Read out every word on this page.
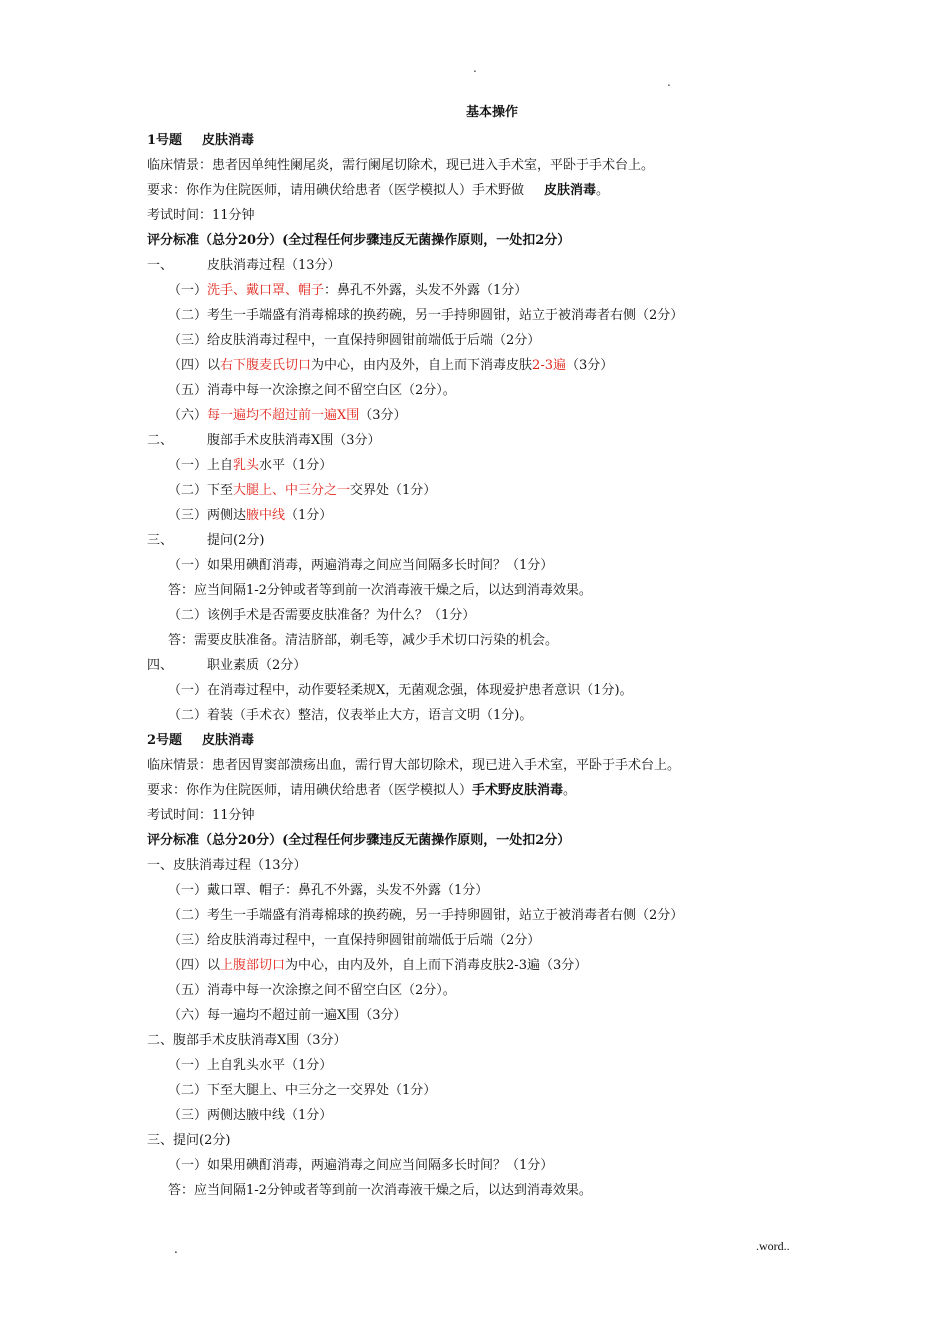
.
.
基本操作
1号题 皮肤消毒
临床情景：患者因单纯性阑尾炎，需行阑尾切除术，现已进入手术室，平卧于手术台上。
要求：你作为住院医师，请用碘伏给患者（医学模拟人）手术野做 皮肤消毒。
考试时间：11分钟
评分标准（总分20分）(全过程任何步骤违反无菌操作原则，一处扣2分）
一、	皮肤消毒过程（13分）
（一）洗手、戴口罩、帽子：鼻孔不外露，头发不外露（1分）
（二）考生一手端盛有消毒棉球的换药碗，另一手持卵圆钳，站立于被消毒者右侧（2分）
（三）给皮肤消毒过程中，一直保持卵圆钳前端低于后端（2分）
（四）以右下腹麦氏切口为中心，由内及外，自上而下消毒皮肤2-3遍（3分）
（五）消毒中每一次涂擦之间不留空白区（2分）。
（六）每一遍均不超过前一遍X围（3分）
二、	腹部手术皮肤消毒X围（3分）
（一）上自乳头水平（1分）
（二）下至大腿上、中三分之一交界处（1分）
（三）两侧达腋中线（1分）
三、	提问(2分)
（一）如果用碘酊消毒，两遍消毒之间应当间隔多长时间？（1分）
答：应当间隔1-2分钟或者等到前一次消毒液干燥之后，以达到消毒效果。
（二）该例手术是否需要皮肤准备？为什么？（1分）
答：需要皮肤准备。清洁脐部，剃毛等，减少手术切口污染的机会。
四、	职业素质（2分）
（一）在消毒过程中，动作要轻柔规X，无菌观念强，体现爱护患者意识（1分)。
（二）着装（手术衣）整洁，仪表举止大方，语言文明（1分)。
2号题 皮肤消毒
临床情景：患者因胃窦部溃疡出血，需行胃大部切除术，现已进入手术室，平卧于手术台上。
要求：你作为住院医师，请用碘伏给患者（医学模拟人）手术野皮肤消毒。
考试时间：11分钟
评分标准（总分20分）(全过程任何步骤违反无菌操作原则，一处扣2分）
一、皮肤消毒过程（13分）
（一）戴口罩、帽子：鼻孔不外露，头发不外露（1分）
（二）考生一手端盛有消毒棉球的换药碗，另一手持卵圆钳，站立于被消毒者右侧（2分）
（三）给皮肤消毒过程中，一直保持卵圆钳前端低于后端（2分）
（四）以上腹部切口为中心，由内及外，自上而下消毒皮肤2-3遍（3分）
（五）消毒中每一次涂擦之间不留空白区（2分）。
（六）每一遍均不超过前一遍X围（3分）
二、腹部手术皮肤消毒X围（3分）
（一）上自乳头水平（1分）
（二）下至大腿上、中三分之一交界处（1分）
（三）两侧达腋中线（1分）
三、提问(2分)
（一）如果用碘酊消毒，两遍消毒之间应当间隔多长时间？（1分）
答：应当间隔1-2分钟或者等到前一次消毒液干燥之后，以达到消毒效果。
.	.word..
